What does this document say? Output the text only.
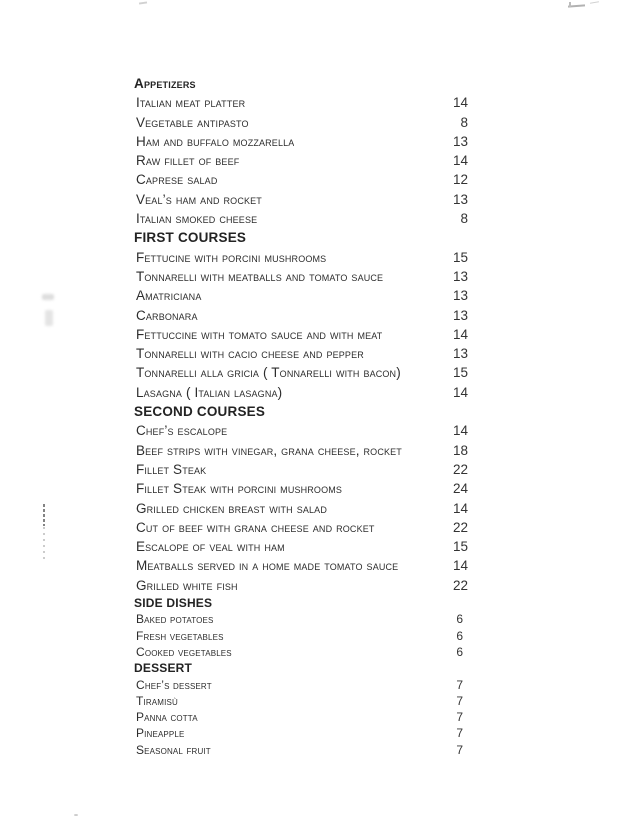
Appetizers
Italian meat platter	14
Vegetable antipasto	8
Ham and buffalo mozzarella	13
Raw fillet of beef	14
Caprese salad	12
Veal’s ham and rocket	13
Italian smoked cheese	8
FIRST COURSES
Fettucine with porcini mushrooms	15
Tonnarelli with meatballs and tomato sauce	13
Amatriciana	13
Carbonara	13
Fettuccine with tomato sauce and with meat	14
Tonnarelli with cacio cheese and pepper	13
Tonnarelli alla gricia ( Tonnarelli with bacon)	15
Lasagna ( Italian lasagna)	14
SECOND COURSES
Chef’s escalope	14
Beef strips with vinegar, grana cheese, rocket	18
Fillet Steak	22
Fillet Steak with porcini mushrooms	24
Grilled chicken breast with salad	14
Cut of beef with grana cheese and rocket	22
Escalope of veal with ham	15
Meatballs served in a home made tomato sauce	14
Grilled white fish	22
SIDE DISHES
Baked potatoes	6
Fresh vegetables	6
Cooked vegetables	6
DESSERT
Chef’s dessert	7
Tiramisù	7
Panna cotta	7
Pineapple	7
Seasonal fruit	7
